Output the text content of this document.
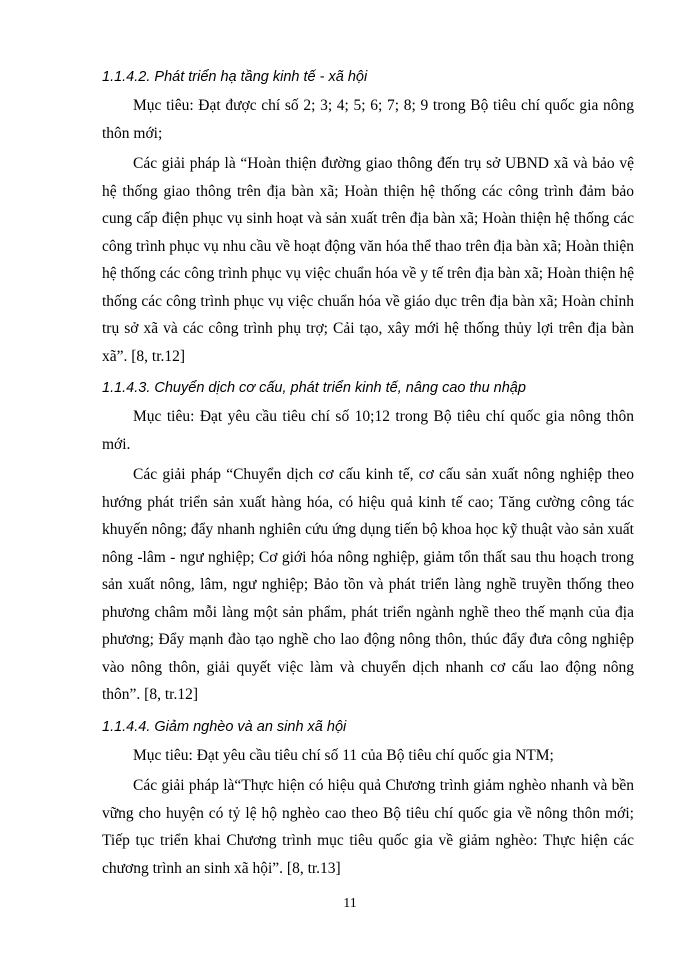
1.1.4.2. Phát triển hạ tầng kinh tế - xã hội

Mục tiêu: Đạt được chí số 2; 3; 4; 5; 6; 7; 8; 9 trong Bộ tiêu chí quốc gia nông thôn mới;

Các giải pháp là “Hoàn thiện đường giao thông đến trụ sở UBND xã và bảo vệ hệ thống giao thông trên địa bàn xã; Hoàn thiện hệ thống các công trình đảm bảo cung cấp điện phục vụ sinh hoạt và sản xuất trên địa bàn xã; Hoàn thiện hệ thống các công trình phục vụ nhu cầu về hoạt động văn hóa thể thao trên địa bàn xã; Hoàn thiện hệ thống các công trình phục vụ việc chuẩn hóa về y tế trên địa bàn xã; Hoàn thiện hệ thống các công trình phục vụ việc chuẩn hóa về giáo dục trên địa bàn xã; Hoàn chỉnh trụ sở xã và các công trình phụ trợ; Cải tạo, xây mới hệ thống thủy lợi trên địa bàn xã”. [8, tr.12]

1.1.4.3. Chuyển dịch cơ cấu, phát triển kinh tế, nâng cao thu nhập

Mục tiêu: Đạt yêu cầu tiêu chí số 10;12 trong Bộ tiêu chí quốc gia nông thôn mới.

Các giải pháp “Chuyển dịch cơ cấu kinh tế, cơ cấu sản xuất nông nghiệp theo hướng phát triển sản xuất hàng hóa, có hiệu quả kinh tế cao; Tăng cường công tác khuyến nông; đẩy nhanh nghiên cứu ứng dụng tiến bộ khoa học kỹ thuật vào sản xuất nông -lâm - ngư nghiệp; Cơ giới hóa nông nghiệp, giảm tổn thất sau thu hoạch trong sản xuất nông, lâm, ngư nghiệp; Bảo tồn và phát triển làng nghề truyền thống theo phương châm mỗi làng một sản phẩm, phát triển ngành nghề theo thế mạnh của địa phương; Đẩy mạnh đào tạo nghề cho lao động nông thôn, thúc đẩy đưa công nghiệp vào nông thôn, giải quyết việc làm và chuyển dịch nhanh cơ cấu lao động nông thôn”. [8, tr.12]

1.1.4.4. Giảm nghèo và an sinh xã hội

Mục tiêu: Đạt yêu cầu tiêu chí số 11 của Bộ tiêu chí quốc gia NTM;

Các giải pháp là“Thực hiện có hiệu quả Chương trình giảm nghèo nhanh và bền vững cho huyện có tỷ lệ hộ nghèo cao theo Bộ tiêu chí quốc gia về nông thôn mới; Tiếp tục triển khai Chương trình mục tiêu quốc gia về giảm nghèo: Thực hiện các chương trình an sinh xã hội”. [8, tr.13]

11
